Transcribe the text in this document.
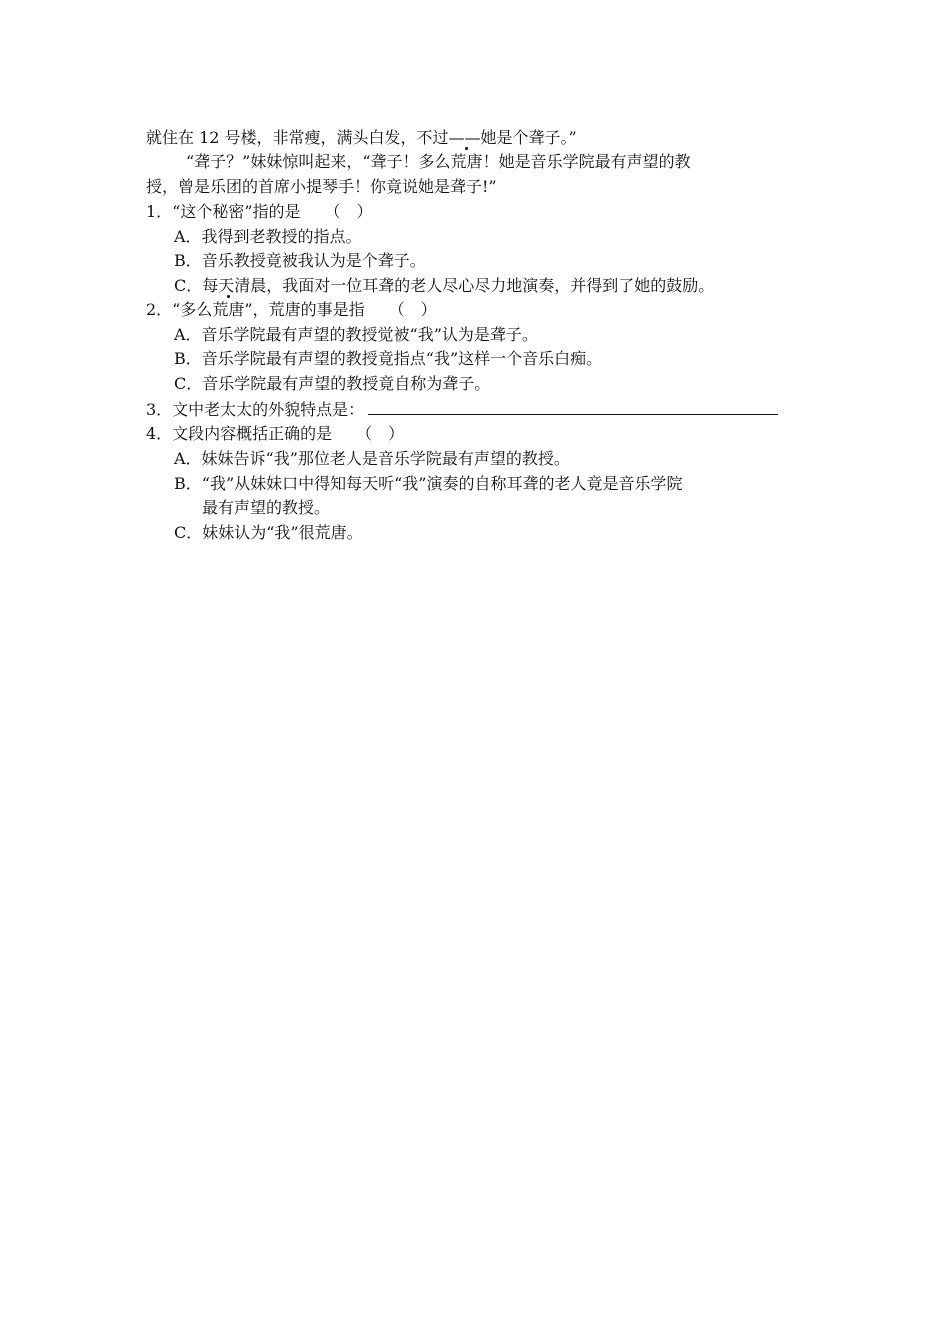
就住在 12 号楼，非常瘦，满头白发，不过——她是个聋子。”
“聋子？”妹妹惊叫起来，“聋子！多么荒唐！她是音乐学院最有声望的教
授，曾是乐团的首席小提琴手！你竟说她是聋子!”
1．“这个秘密”指的是　　（　）
A．我得到老教授的指点。
B．音乐教授竟被我认为是个聋子。
C．每天清晨，我面对一位耳聋的老人尽心尽力地演奏，并得到了她的鼓励。
2．“多么荒唐”，荒唐的事是指　　（　）
A．音乐学院最有声望的教授觉被“我”认为是聋子。
B．音乐学院最有声望的教授竟指点“我”这样一个音乐白痴。
C．音乐学院最有声望的教授竟自称为聋子。
3．文中老太太的外貌特点是：
4．文段内容概括正确的是　　（　）
A．妹妹告诉“我”那位老人是音乐学院最有声望的教授。
B．“我”从妹妹口中得知每天听“我”演奏的自称耳聋的老人竟是音乐学院
最有声望的教授。
C．妹妹认为“我”很荒唐。
